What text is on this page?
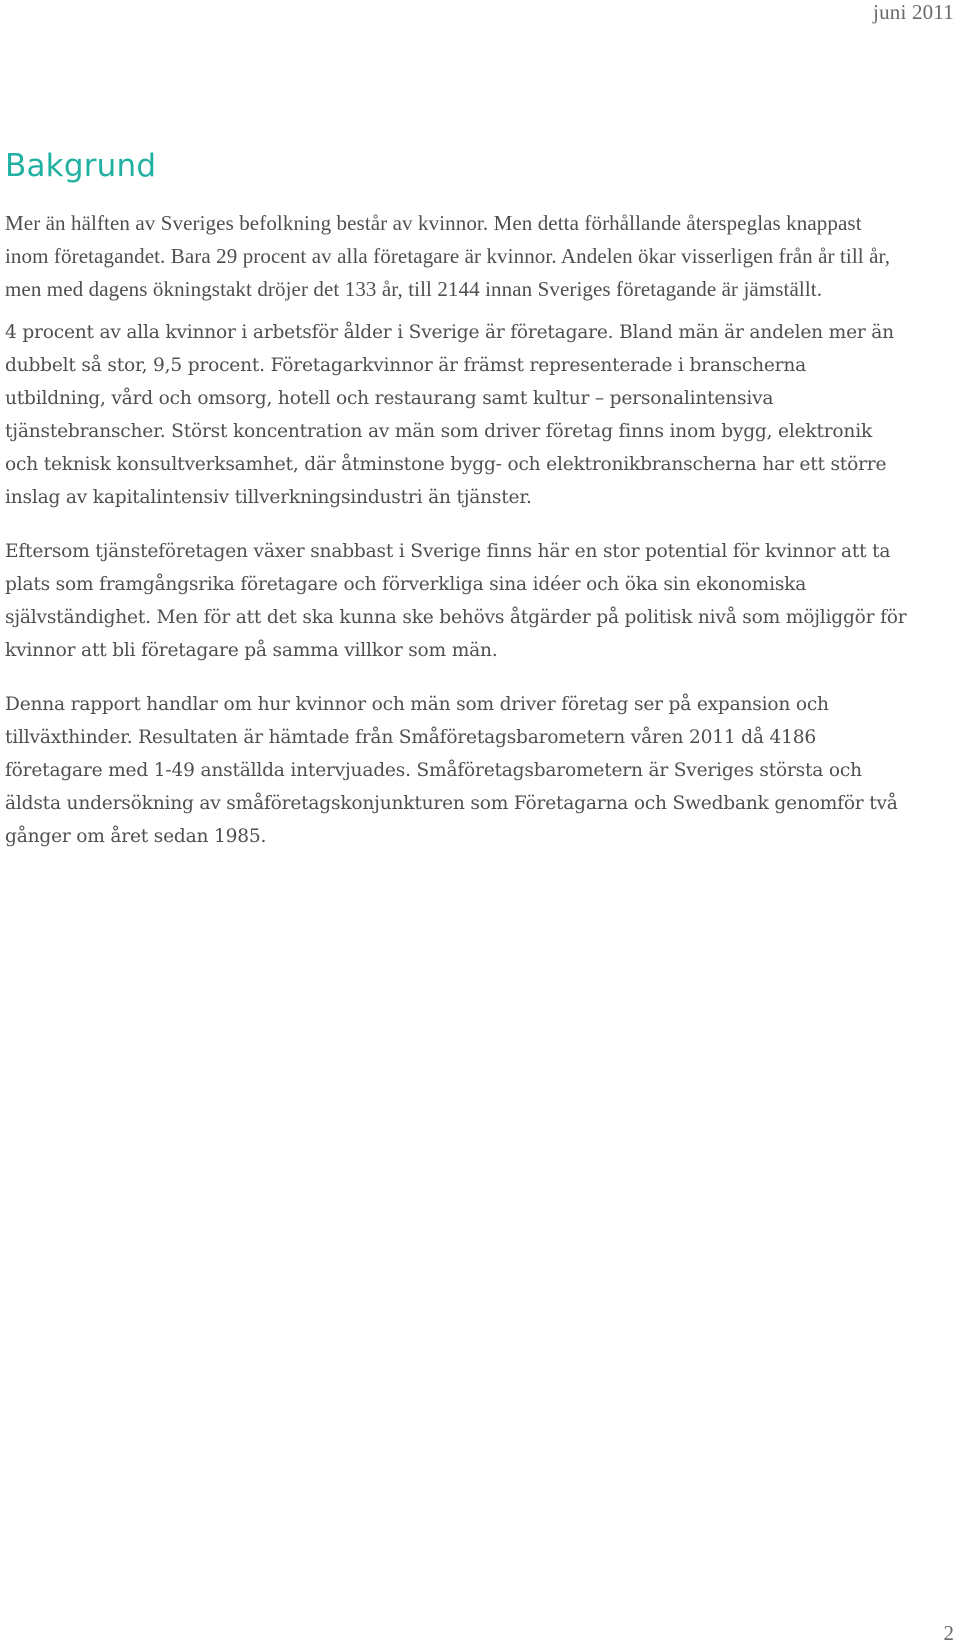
juni 2011
Bakgrund

Mer än hälften av Sveriges befolkning består av kvinnor. Men detta förhållande återspeglas knappast inom företagandet. Bara 29 procent av alla företagare är kvinnor. Andelen ökar visserligen från år till år, men med dagens ökningstakt dröjer det 133 år, till 2144 innan Sveriges företagande är jämställt.

4 procent av alla kvinnor i arbetsför ålder i Sverige är företagare. Bland män är andelen mer än dubbelt så stor, 9,5 procent. Företagarkvinnor är främst representerade i branscherna utbildning, vård och omsorg, hotell och restaurang samt kultur – personalintensiva tjänstebranscher. Störst koncentration av män som driver företag finns inom bygg, elektronik och teknisk konsultverksamhet, där åtminstone bygg- och elektronikbranscherna har ett större inslag av kapitalintensiv tillverkningsindustri än tjänster.

Eftersom tjänsteföretagen växer snabbast i Sverige finns här en stor potential för kvinnor att ta plats som framgångsrika företagare och förverkliga sina idéer och öka sin ekonomiska självständighet. Men för att det ska kunna ske behövs åtgärder på politisk nivå som möjliggör för kvinnor att bli företagare på samma villkor som män.

Denna rapport handlar om hur kvinnor och män som driver företag ser på expansion och tillväxthinder. Resultaten är hämtade från Småföretagsbarometern våren 2011 då 4186 företagare med 1-49 anställda intervjuades. Småföretagsbarometern är Sveriges största och äldsta undersökning av småföretagskonjunkturen som Företagarna och Swedbank genomför två gånger om året sedan 1985.

2
